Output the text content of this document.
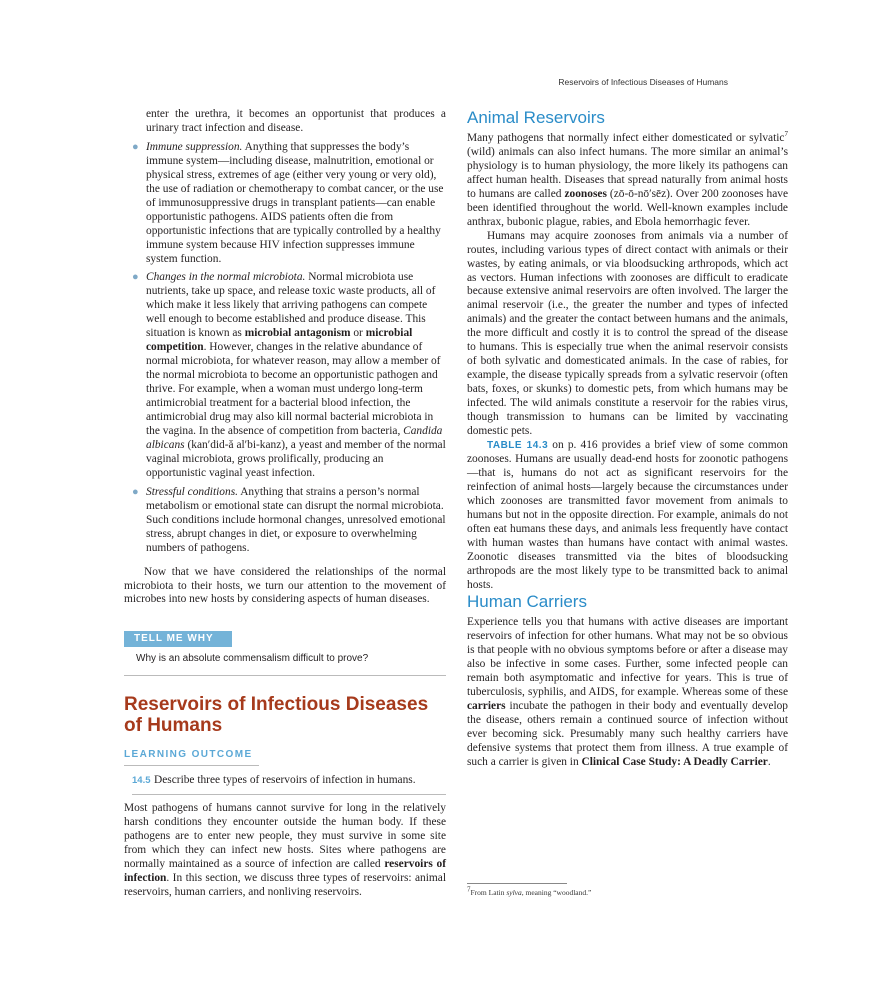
Reservoirs of Infectious Diseases of Humans

enter the urethra, it becomes an opportunist that produces a urinary tract infection and disease.

● Immune suppression. Anything that suppresses the body’s immune system—including disease, malnutrition, emotional or physical stress, extremes of age (either very young or very old), the use of radiation or chemotherapy to combat cancer, or the use of immunosuppressive drugs in transplant patients—can enable opportunistic pathogens. AIDS patients often die from opportunistic infections that are typically controlled by a healthy immune system because HIV infection suppresses immune system function.
● Changes in the normal microbiota. Normal microbiota use nutrients, take up space, and release toxic waste products, all of which make it less likely that arriving pathogens can compete well enough to become established and produce disease. This situation is known as microbial antagonism or microbial competition. However, changes in the relative abundance of normal microbiota, for whatever reason, may allow a member of the normal microbiota to become an opportunistic pathogen and thrive. For example, when a woman must undergo long-term antimicrobial treatment for a bacterial blood infection, the antimicrobial drug may also kill normal bacterial microbiota in the vagina. In the absence of competition from bacteria, Candida albicans (kan′did-ă al′bi-kanz), a yeast and member of the normal vaginal microbiota, grows prolifically, producing an opportunistic vaginal yeast infection.
● Stressful conditions. Anything that strains a person’s normal metabolism or emotional state can disrupt the normal microbiota. Such conditions include hormonal changes, unresolved emotional stress, abrupt changes in diet, or exposure to overwhelming numbers of pathogens.

Now that we have considered the relationships of the normal microbiota to their hosts, we turn our attention to the movement of microbes into new hosts by considering aspects of human diseases.

TELL ME WHY
Why is an absolute commensalism difficult to prove?
Reservoirs of Infectious Diseases of Humans
LEARNING OUTCOME
14.5 Describe three types of reservoirs of infection in humans.

Most pathogens of humans cannot survive for long in the relatively harsh conditions they encounter outside the human body. If these pathogens are to enter new people, they must survive in some site from which they can infect new hosts. Sites where pathogens are normally maintained as a source of infection are called reservoirs of infection. In this section, we discuss three types of reservoirs: animal reservoirs, human carriers, and nonliving reservoirs.

Animal Reservoirs

Many pathogens that normally infect either domesticated or sylvatic$^7$ (wild) animals can also infect humans. The more similar an animal’s physiology is to human physiology, the more likely its pathogens can affect human health. Diseases that spread naturally from animal hosts to humans are called zoonoses (zō-ō-nō′sēz). Over 200 zoonoses have been identified throughout the world. Well-known examples include anthrax, bubonic plague, rabies, and Ebola hemorrhagic fever.

Humans may acquire zoonoses from animals via a number of routes, including various types of direct contact with animals or their wastes, by eating animals, or via bloodsucking arthropods, which act as vectors. Human infections with zoonoses are difficult to eradicate because extensive animal reservoirs are often involved. The larger the animal reservoir (i.e., the greater the number and types of infected animals) and the greater the contact between humans and the animals, the more difficult and costly it is to control the spread of the disease to humans. This is especially true when the animal reservoir consists of both sylvatic and domesticated animals. In the case of rabies, for example, the disease typically spreads from a sylvatic reservoir (often bats, foxes, or skunks) to domestic pets, from which humans may be infected. The wild animals constitute a reservoir for the rabies virus, though transmission to humans can be limited by vaccinating domestic pets.

TABLE 14.3 on p. 416 provides a brief view of some common zoonoses. Humans are usually dead-end hosts for zoonotic pathogens—that is, humans do not act as significant reservoirs for the reinfection of animal hosts—largely because the circumstances under which zoonoses are transmitted favor movement from animals to humans but not in the opposite direction. For example, animals do not often eat humans these days, and animals less frequently have contact with human wastes than humans have contact with animal wastes. Zoonotic diseases transmitted via the bites of bloodsucking arthropods are the most likely type to be transmitted back to animal hosts.

Human Carriers

Experience tells you that humans with active diseases are important reservoirs of infection for other humans. What may not be so obvious is that people with no obvious symptoms before or after a disease may also be infective in some cases. Further, some infected people can remain both asymptomatic and infective for years. This is true of tuberculosis, syphilis, and AIDS, for example. Whereas some of these carriers incubate the pathogen in their body and eventually develop the disease, others remain a continued source of infection without ever becoming sick. Presumably many such healthy carriers have defensive systems that protect them from illness. A true example of such a carrier is given in Clinical Case Study: A Deadly Carrier.

$^7$From Latin sylva, meaning “woodland.”
